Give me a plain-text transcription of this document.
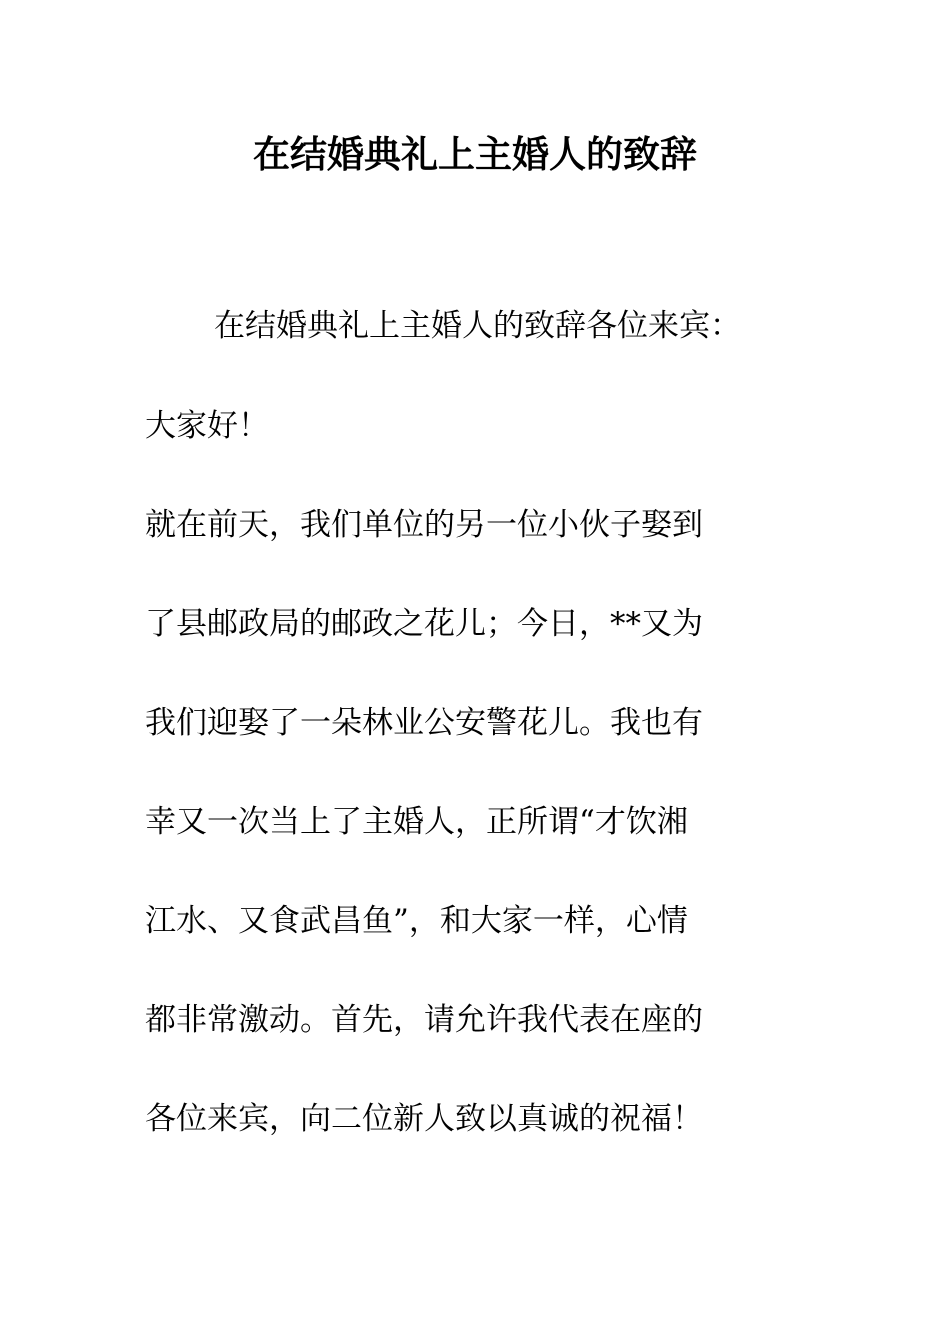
在结婚典礼上主婚人的致辞

在结婚典礼上主婚人的致辞各位来宾：

大家好！

就在前天，我们单位的另一位小伙子娶到

了县邮政局的邮政之花儿；今日，**又为

我们迎娶了一朵林业公安警花儿。我也有

幸又一次当上了主婚人，正所谓“才饮湘

江水、又食武昌鱼”，和大家一样，心情

都非常激动。首先，请允许我代表在座的

各位来宾，向二位新人致以真诚的祝福！
